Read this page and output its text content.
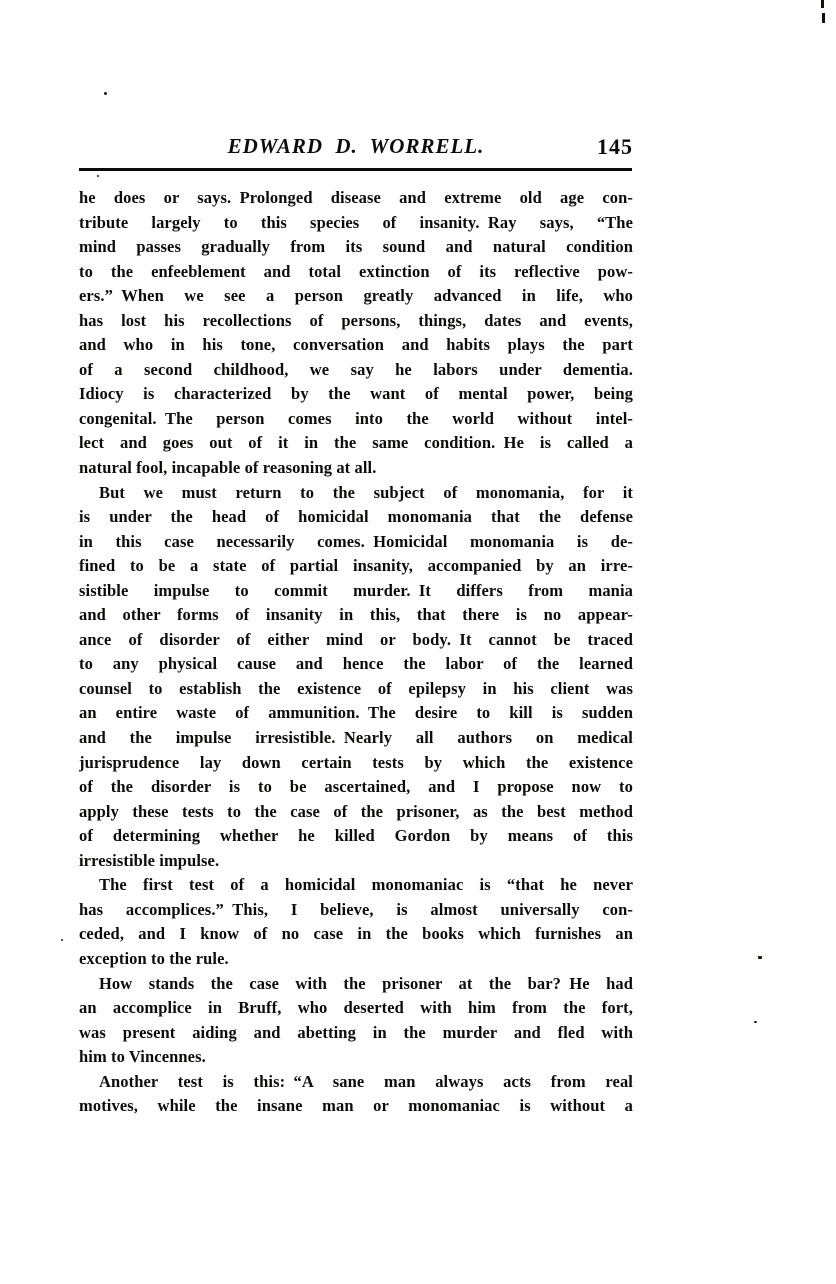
EDWARD D. WORRELL.	145
he does or says. Prolonged disease and extreme old age con-
tribute largely to this species of insanity. Ray says, “The
mind passes gradually from its sound and natural condition
to the enfeeblement and total extinction of its reflective pow-
ers.” When we see a person greatly advanced in life, who
has lost his recollections of persons, things, dates and events,
and who in his tone, conversation and habits plays the part
of a second childhood, we say he labors under dementia.
Idiocy is characterized by the want of mental power, being
congenital. The person comes into the world without intel-
lect and goes out of it in the same condition. He is called a
natural fool, incapable of reasoning at all.
But we must return to the subject of monomania, for it
is under the head of homicidal monomania that the defense
in this case necessarily comes. Homicidal monomania is de-
fined to be a state of partial insanity, accompanied by an irre-
sistible impulse to commit murder. It differs from mania
and other forms of insanity in this, that there is no appear-
ance of disorder of either mind or body. It cannot be traced
to any physical cause and hence the labor of the learned
counsel to establish the existence of epilepsy in his client was
an entire waste of ammunition. The desire to kill is sudden
and the impulse irresistible. Nearly all authors on medical
jurisprudence lay down certain tests by which the existence
of the disorder is to be ascertained, and I propose now to
apply these tests to the case of the prisoner, as the best method
of determining whether he killed Gordon by means of this
irresistible impulse.
The first test of a homicidal monomaniac is “that he never
has accomplices.” This, I believe, is almost universally con-
ceded, and I know of no case in the books which furnishes an
exception to the rule.
How stands the case with the prisoner at the bar? He had
an accomplice in Bruff, who deserted with him from the fort,
was present aiding and abetting in the murder and fled with
him to Vincennes.
Another test is this: “A sane man always acts from real
motives, while the insane man or monomaniac is without a
